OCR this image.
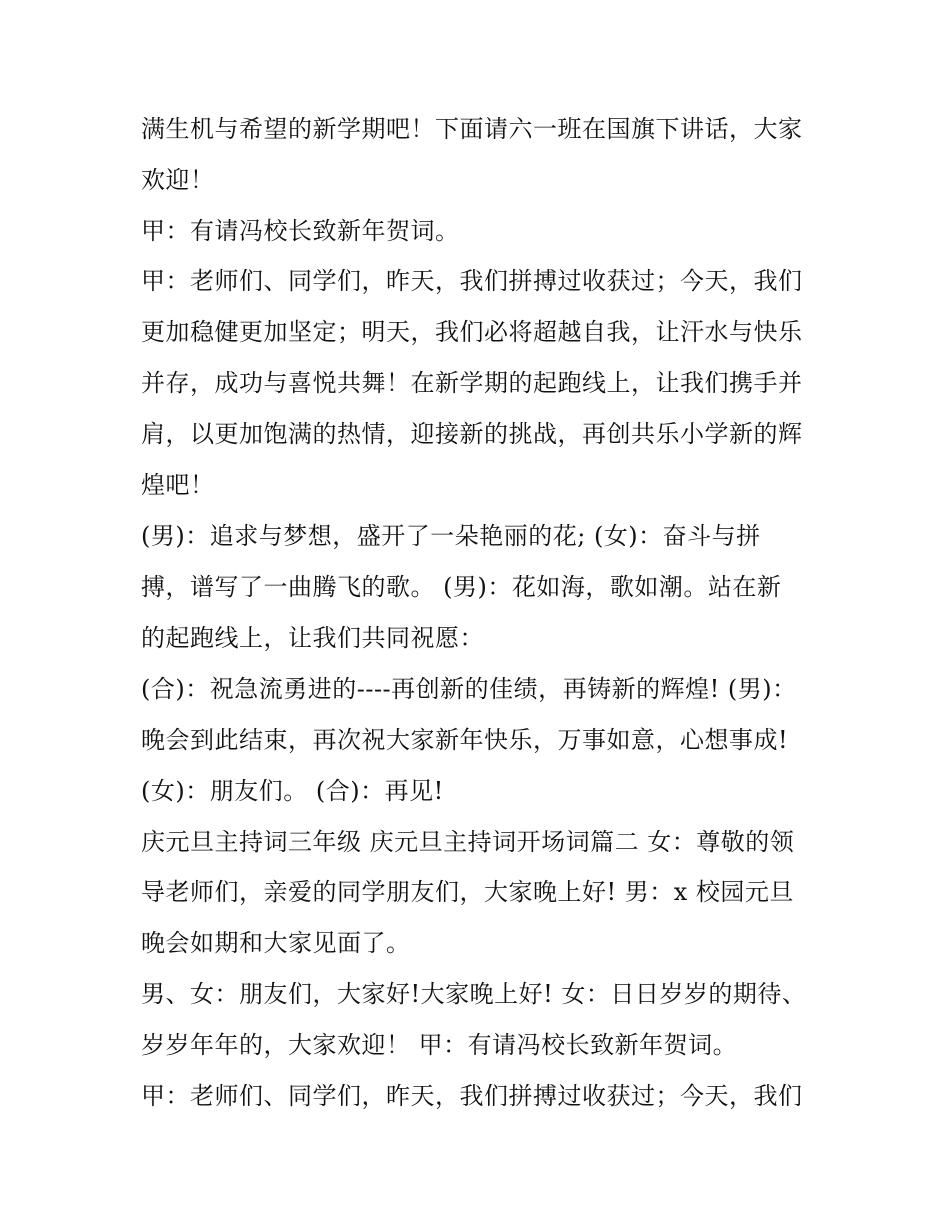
满生机与希望的新学期吧！下面请六一班在国旗下讲话，大家
欢迎！
甲：有请冯校长致新年贺词。
甲：老师们、同学们，昨天，我们拼搏过收获过；今天，我们
更加稳健更加坚定；明天，我们必将超越自我，让汗水与快乐
并存，成功与喜悦共舞！在新学期的起跑线上，让我们携手并
肩，以更加饱满的热情，迎接新的挑战，再创共乐小学新的辉
煌吧！
(男)：追求与梦想，盛开了一朵艳丽的花; (女)：奋斗与拼
搏，谱写了一曲腾飞的歌。 (男)：花如海，歌如潮。站在新
的起跑线上，让我们共同祝愿：
(合)：祝急流勇进的----再创新的佳绩，再铸新的辉煌! (男)：
晚会到此结束，再次祝大家新年快乐，万事如意，心想事成!
(女)：朋友们。 (合)：再见!
庆元旦主持词三年级 庆元旦主持词开场词篇二 女：尊敬的领
导老师们，亲爱的同学朋友们，大家晚上好! 男：x 校园元旦
晚会如期和大家见面了。
男、女：朋友们，大家好!大家晚上好! 女：日日岁岁的期待、
岁岁年年的，大家欢迎！ 甲：有请冯校长致新年贺词。
甲：老师们、同学们，昨天，我们拼搏过收获过；今天，我们
